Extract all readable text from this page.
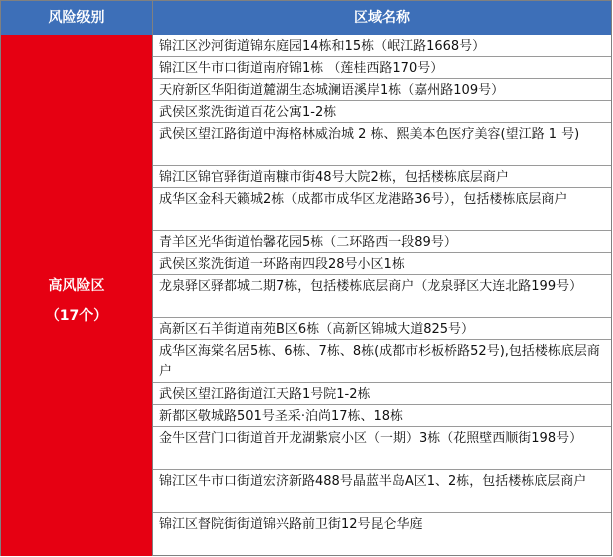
风险级别	区域名称
高风险区
（17个）
锦江区沙河街道锦东庭园14栋和15栋（岷江路1668号）
锦江区牛市口街道南府锦1栋 （莲桂西路170号）
天府新区华阳街道麓湖生态城澜语溪岸1栋（嘉州路109号）
武侯区浆洗街道百花公寓1-2栋
武侯区望江路街道中海格林威治城 2 栋、熙美本色医疗美容(望江路 1 号)
锦江区锦官驿街道南糠市街48号大院2栋，包括楼栋底层商户
成华区金科天籁城2栋（成都市成华区龙港路36号），包括楼栋底层商户
青羊区光华街道怡馨花园5栋（二环路西一段89号）
武侯区浆洗街道一环路南四段28号小区1栋
龙泉驿区驿都城二期7栋，包括楼栋底层商户（龙泉驿区大连北路199号）
高新区石羊街道南苑B区6栋（高新区锦城大道825号）
成华区海棠名居5栋、6栋、7栋、8栋(成都市杉板桥路52号),包括楼栋底层商户
武侯区望江路街道江天路1号院1-2栋
新都区敬城路501号圣采·泊尚17栋、18栋
金牛区营门口街道首开龙湖紫宸小区（一期）3栋（花照壁西顺街198号）
锦江区牛市口街道宏济新路488号晶蓝半岛A区1、2栋，包括楼栋底层商户
锦江区督院街街道锦兴路前卫街12号昆仑华庭
